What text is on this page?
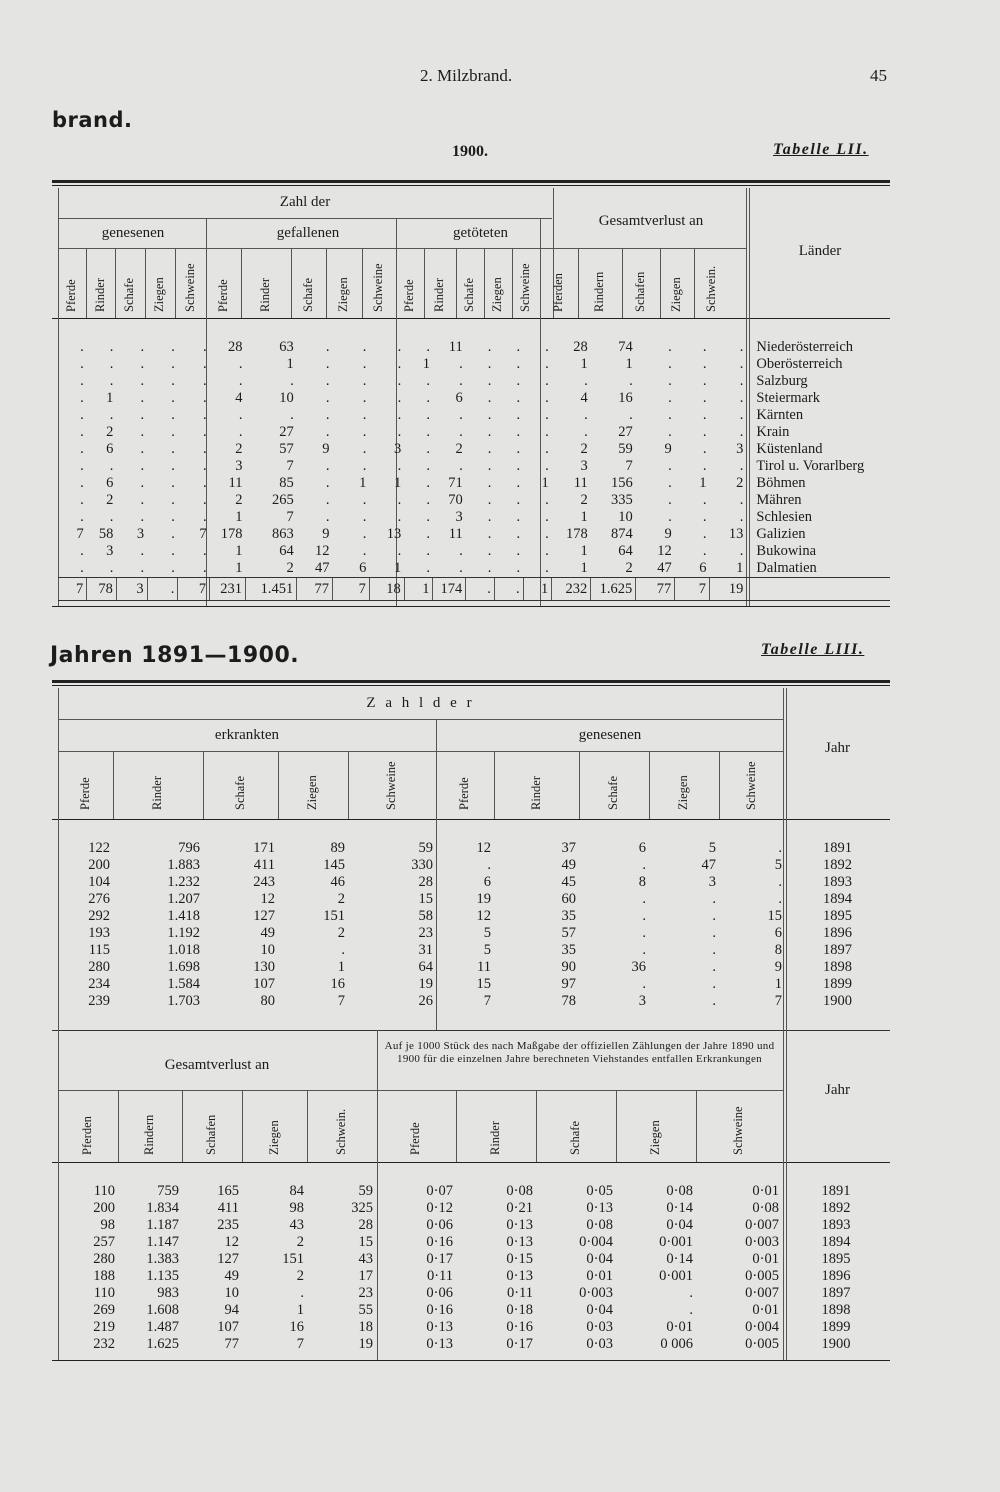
2. Milzbrand.	45
brand.
1900.	Tabelle LII.
Zahl der
genesenen	gefallenen	getöteten
Gesamtverlust an
Länder
Pferde Rinder Schafe Ziegen Schweine Pferde Rinder Schafe Ziegen Schweine Pferde Rinder Schafe Ziegen Schweine Pferden Rindern Schafen Ziegen Schwein.
.	.	.	.	.	28	63	.	.	.	.	11	.	.	.	28	74	.	.	.	Niederösterreich
.	.	.	.	.	.	1	.	.	.	1	.	.	.	.	1	1	.	.	.	Oberösterreich
.	.	.	.	.	.	.	.	.	.	.	.	.	.	.	.	.	.	.	.	Salzburg
.	1	.	.	.	4	10	.	.	.	.	6	.	.	.	4	16	.	.	.	Steiermark
.	.	.	.	.	.	.	.	.	.	.	.	.	.	.	.	.	.	.	.	Kärnten
.	2	.	.	.	.	27	.	.	.	.	.	.	.	.	.	27	.	.	.	Krain
.	6	.	.	.	2	57	9	.	3	.	2	.	.	.	2	59	9	.	3	Küstenland
.	.	.	.	.	3	7	.	.	.	.	.	.	.	.	3	7	.	.	.	Tirol u. Vorarlberg
.	6	.	.	.	11	85	.	1	1	.	71	.	.	1	11	156	.	1	2	Böhmen
.	2	.	.	.	2	265	.	.	.	.	70	.	.	.	2	335	.	.	.	Mähren
.	.	.	.	.	1	7	.	.	.	.	3	.	.	.	1	10	.	.	.	Schlesien
7	58	3	.	7	178	863	9	.	13	.	11	.	.	.	178	874	9	.	13	Galizien
.	3	.	.	.	1	64	12	.	.	.	.	.	.	.	1	64	12	.	.	Bukowina
.	.	.	.	.	1	2	47	6	1	.	.	.	.	.	1	2	47	6	1	Dalmatien
7	78	3	.	7	231	1.451	77	7	18	1	174	.	.	1	232	1.625	77	7	19	
Jahren 1891—1900.	Tabelle LIII.
Z a h l d e r
erkrankten	genesenen
Jahr
Pferde	Rinder	Schafe	Ziegen	Schweine	Pferde	Rinder	Schafe	Ziegen	Schweine
122	796	171	89	59	12	37	6	5	.	1891
200	1.883	411	145	330	.	49	.	47	5	1892
104	1.232	243	46	28	6	45	8	3	.	1893
276	1.207	12	2	15	19	60	.	.	.	1894
292	1.418	127	151	58	12	35	.	.	15	1895
193	1.192	49	2	23	5	57	.	.	6	1896
115	1.018	10	.	31	5	35	.	.	8	1897
280	1.698	130	1	64	11	90	36	.	9	1898
234	1.584	107	16	19	15	97	.	.	1	1899
239	1.703	80	7	26	7	78	3	.	7	1900
Gesamtverlust an
Auf je 1000 Stück des nach Maßgabe der offiziellen Zählungen der Jahre 1890 und 1900 für die einzelnen Jahre berechneten Viehstandes entfallen Erkrankungen
Jahr
Pferden	Rindern	Schafen	Ziegen	Schwein.	Pferde	Rinder	Schafe	Ziegen	Schweine
110	759	165	84	59	0·07	0·08	0·05	0·08	0·01	1891
200	1.834	411	98	325	0·12	0·21	0·13	0·14	0·08	1892
98	1.187	235	43	28	0·06	0·13	0·08	0·04	0·007	1893
257	1.147	12	2	15	0·16	0·13	0·004	0·001	0·003	1894
280	1.383	127	151	43	0·17	0·15	0·04	0·14	0·01	1895
188	1.135	49	2	17	0·11	0·13	0·01	0·001	0·005	1896
110	983	10	.	23	0·06	0·11	0·003	.	0·007	1897
269	1.608	94	1	55	0·16	0·18	0·04	.	0·01	1898
219	1.487	107	16	18	0·13	0·16	0·03	0·01	0·004	1899
232	1.625	77	7	19	0·13	0·17	0·03	0 006	0·005	1900
